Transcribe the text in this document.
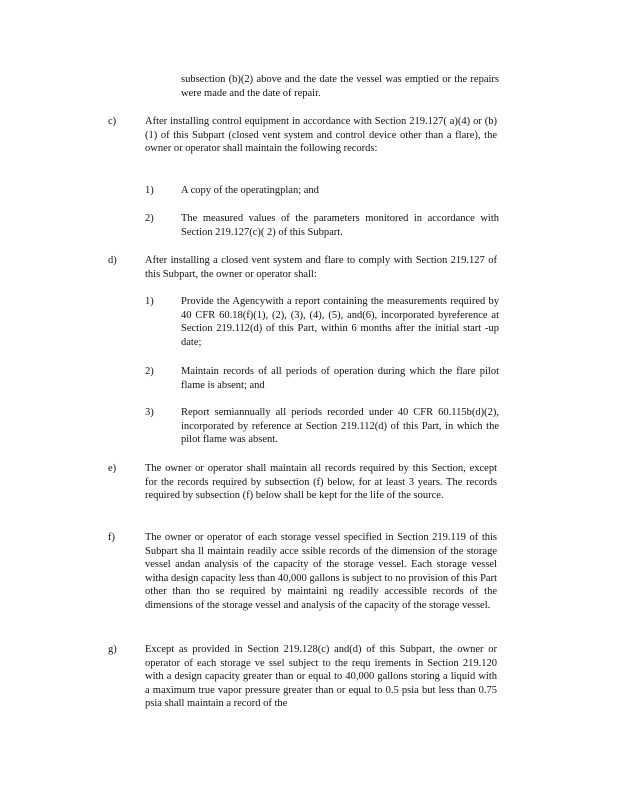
subsection (b)(2) above and the date the vessel was emptied or the repairs were made and the date of repair.
c)	After installing control equipment in accordance with Section 219.127( a)(4) or (b)(1) of this Subpart (closed vent system and control device other than a flare), the owner or operator shall maintain the following records:
1)	A copy of the operatingplan; and
2)	The measured values of the parameters monitored in accordance with Section 219.127(c)( 2) of this Subpart.
d)	After installing a closed vent system and flare to comply with Section 219.127 of this Subpart, the owner or operator shall:
1)	Provide the Agencywith a report containing the measurements required by 40 CFR 60.18(f)(1), (2), (3), (4), (5), and(6), incorporated byreference at Section 219.112(d) of this Part, within 6 months after the initial start -up date;
2)	Maintain records of all periods of operation during which the flare pilot flame is absent; and
3)	Report semiannually all periods recorded under 40 CFR 60.115b(d)(2), incorporated by reference at Section 219.112(d) of this Part, in which the pilot flame was absent.
e)	The owner or operator shall maintain all records required by this Section, except for the records required by subsection (f) below, for at least 3 years. The records required by subsection (f) below shall be kept for the life of the source.
f)	The owner or operator of each storage vessel specified in Section 219.119 of this Subpart sha ll maintain readily acce ssible records of the dimension of the storage vessel andan analysis of the capacity of the storage vessel. Each storage vessel witha design capacity less than 40,000 gallons is subject to no provision of this Part other than tho se required by maintaini ng readily accessible records of the dimensions of the storage vessel and analysis of the capacity of the storage vessel.
g)	Except as provided in Section 219.128(c) and(d) of this Subpart, the owner or operator of each storage ve ssel subject to the requ irements in Section 219.120 with a design capacity greater than or equal to 40,000 gallons storing a liquid with a maximum true vapor pressure greater than or equal to 0.5 psia but less than 0.75 psia shall maintain a record of the
